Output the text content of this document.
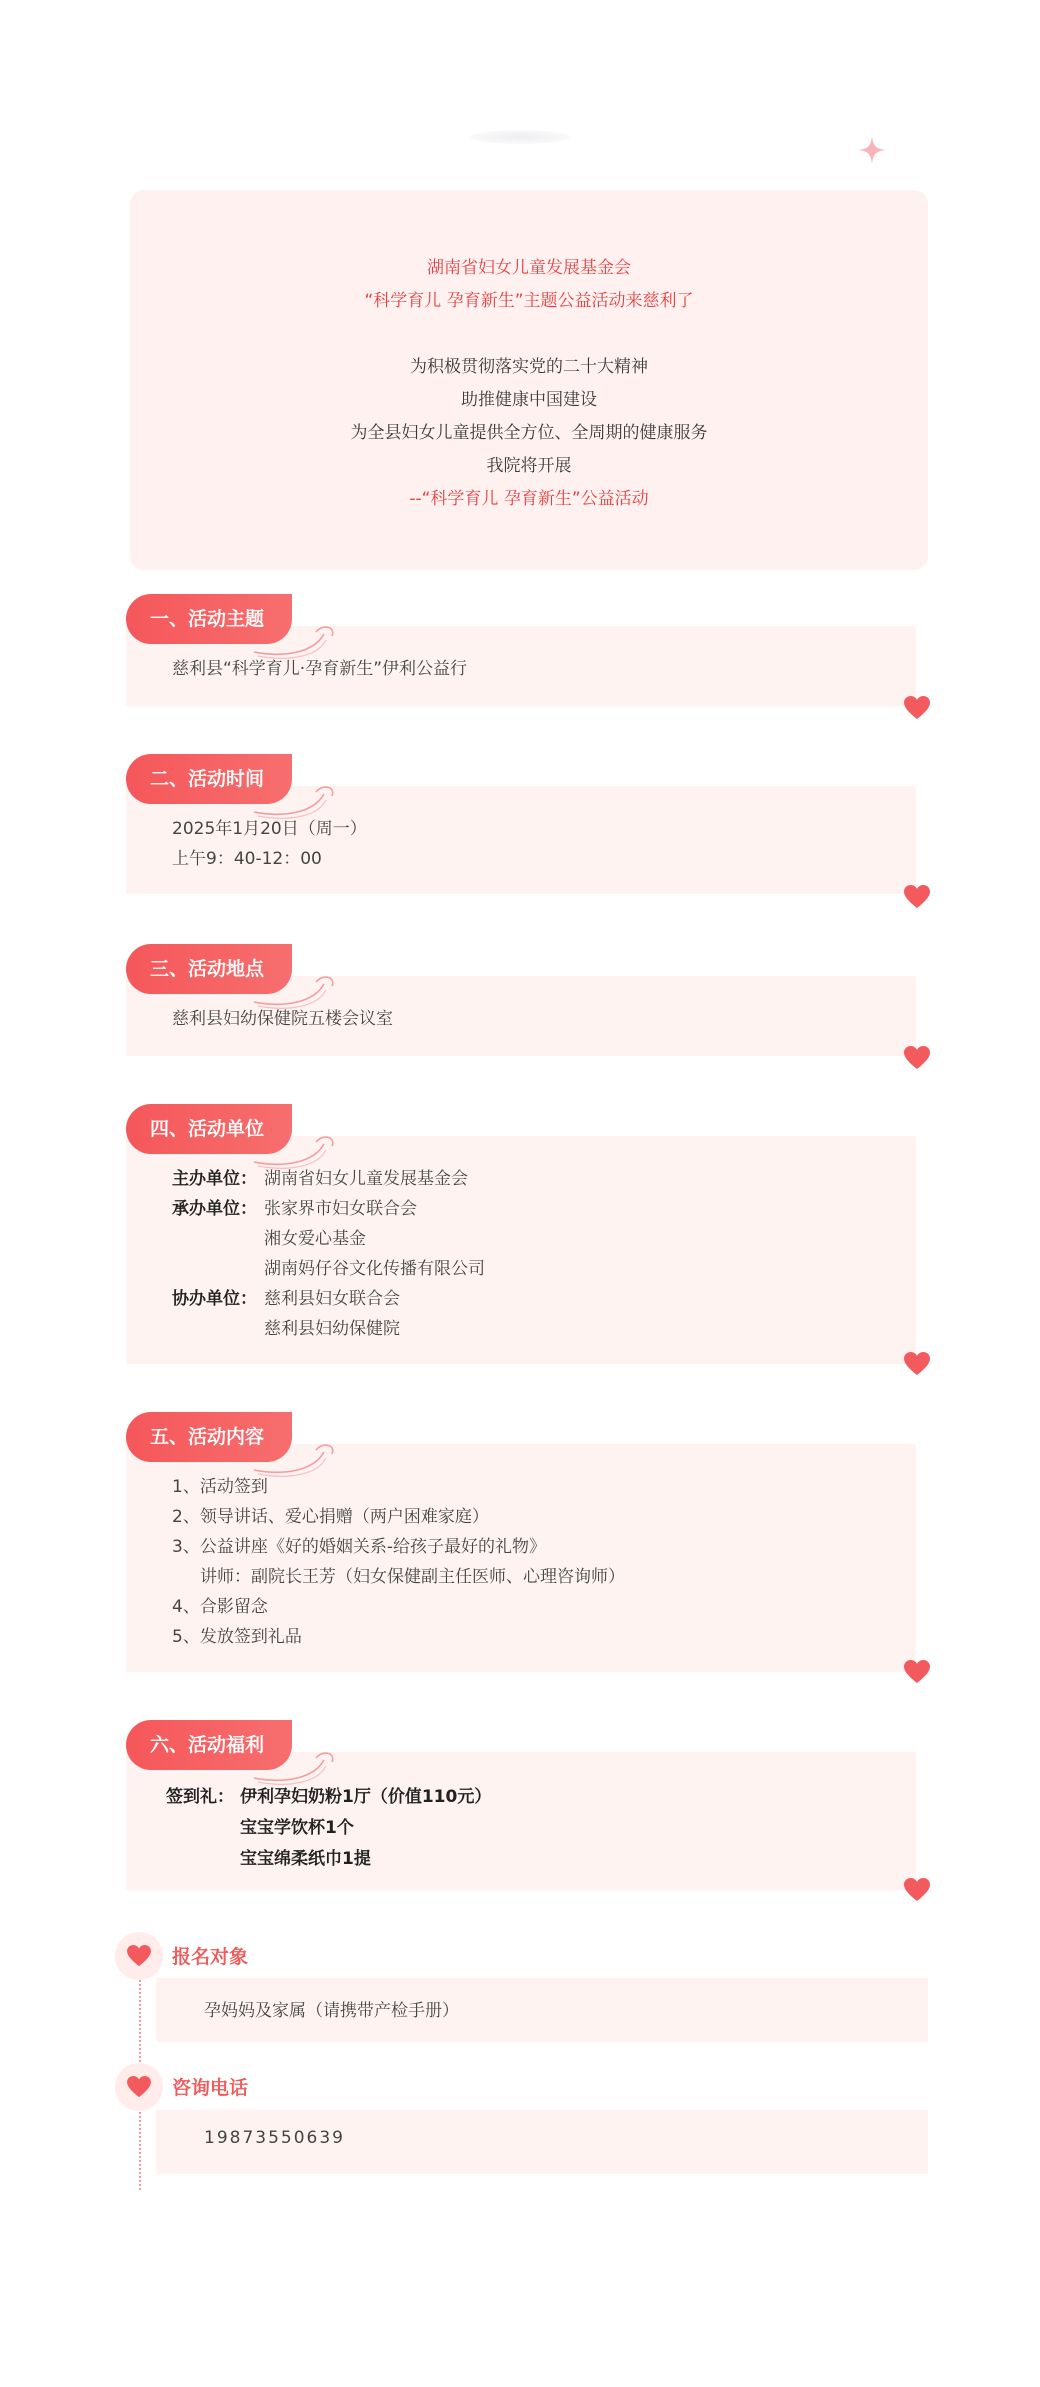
湖南省妇女儿童发展基金会
“科学育儿 孕育新生”主题公益活动来慈利了
为积极贯彻落实党的二十大精神
助推健康中国建设
为全县妇女儿童提供全方位、全周期的健康服务
我院将开展
--“科学育儿 孕育新生”公益活动
一、活动主题
慈利县“科学育儿·孕育新生”伊利公益行
二、活动时间
2025年1月20日（周一）
上午9：40-12：00
三、活动地点
慈利县妇幼保健院五楼会议室
四、活动单位
主办单位： 湖南省妇女儿童发展基金会
承办单位： 张家界市妇女联合会
湘女爱心基金
湖南妈仔谷文化传播有限公司
协办单位： 慈利县妇女联合会
慈利县妇幼保健院
五、活动内容
1、活动签到
2、领导讲话、爱心捐赠（两户困难家庭）
3、公益讲座《好的婚姻关系-给孩子最好的礼物》
讲师：副院长王芳（妇女保健副主任医师、心理咨询师）
4、合影留念
5、发放签到礼品
六、活动福利
签到礼： 伊利孕妇奶粉1厅（价值110元）
宝宝学饮杯1个
宝宝绵柔纸巾1提
报名对象
孕妈妈及家属（请携带产检手册）
咨询电话
19873550639
